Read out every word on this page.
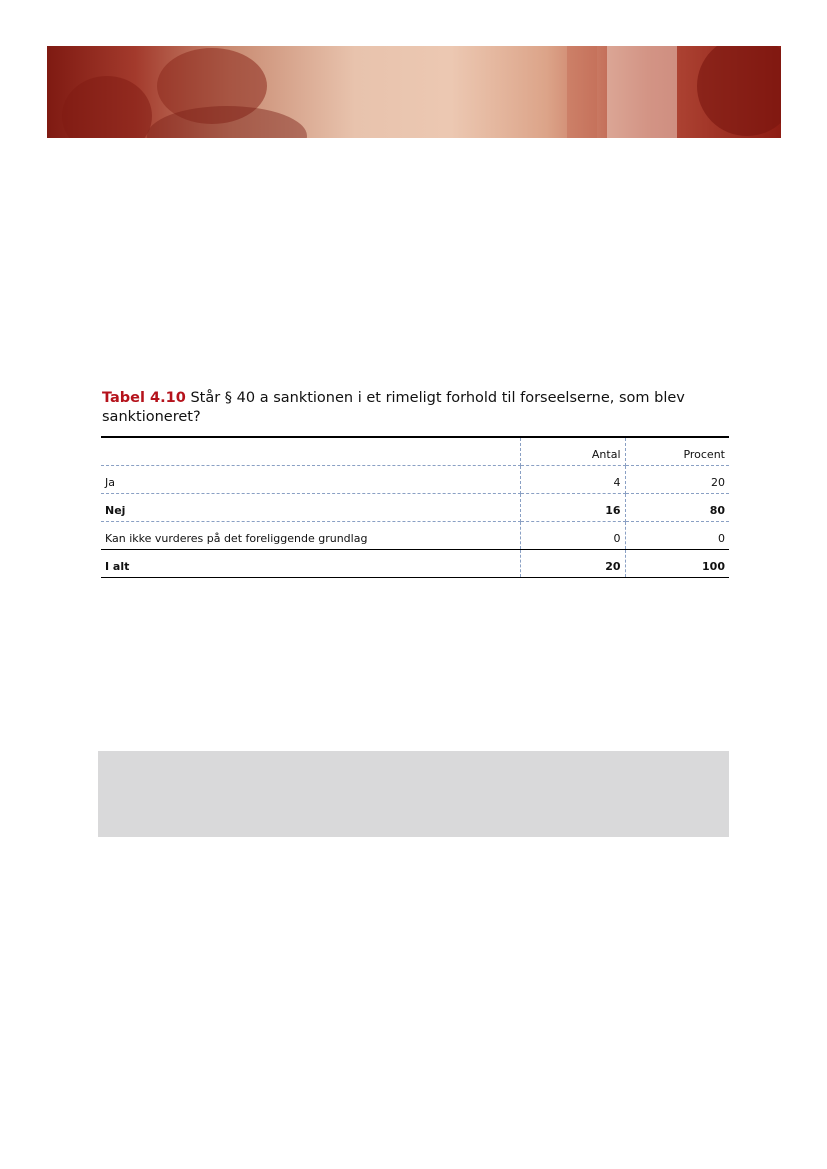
Tabel 4.10 Står § 40 a sanktionen i et rimeligt forhold til forseelserne, som blev sanktioneret?
	Antal	Procent
Ja	4	20
Nej	16	80
Kan ikke vurderes på det foreliggende grundlag	0	0
I alt	20	100
